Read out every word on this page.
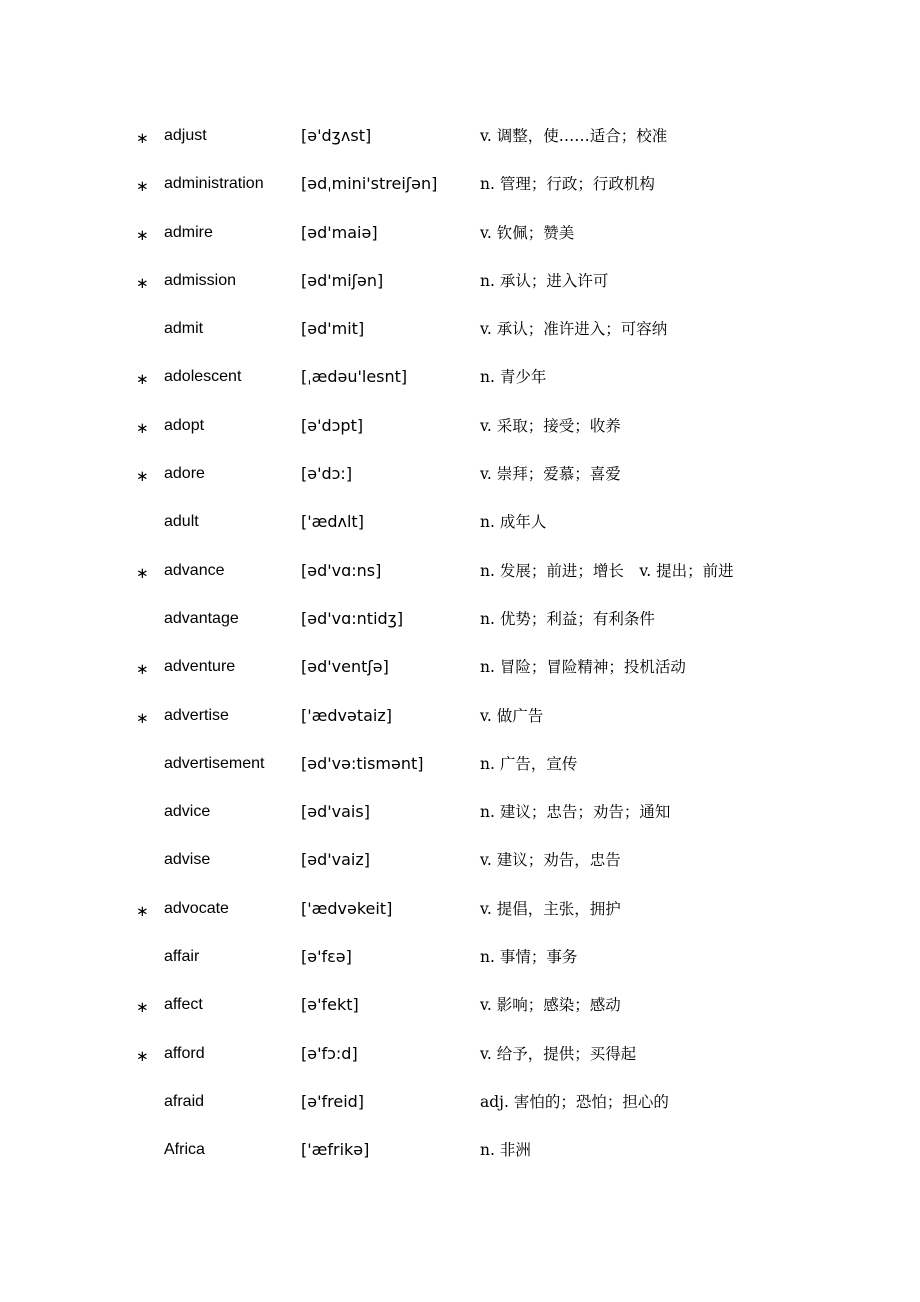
∗ adjust	[ə'dʒʌst]	v. 调整，使……适合；校准
∗ administration [ədˌmini'streiʃən]	n. 管理；行政；行政机构
∗ admire	[əd'maiə]	v. 钦佩；赞美
∗ admission	[əd'miʃən]	n. 承认；进入许可
admit	[əd'mit]	v. 承认；准许进入；可容纳
∗ adolescent	[ˌædəu'lesnt]	n. 青少年
∗ adopt	[ə'dɔpt]	v. 采取；接受；收养
∗ adore	[ə'dɔ:]	v. 崇拜；爱慕；喜爱
adult	['ædʌlt]	n. 成年人
∗ advance	[əd'vɑ:ns]	n. 发展；前进；增长　v. 提出；前进
advantage	[əd'vɑ:ntidʒ]	n. 优势；利益；有利条件
∗ adventure	[əd'ventʃə]	n. 冒险；冒险精神；投机活动
∗ advertise	['ædvətaiz]	v. 做广告
advertisement [əd'və:tismənt]	n. 广告，宣传
advice	[əd'vais]	n. 建议；忠告；劝告；通知
advise	[əd'vaiz]	v. 建议；劝告，忠告
∗ advocate	['ædvəkeit]	v. 提倡，主张，拥护
affair	[ə'fεə]	n. 事情；事务
∗ affect	[ə'fekt]	v. 影响；感染；感动
∗ afford	[ə'fɔ:d]	v. 给予，提供；买得起
afraid	[ə'freid]	adj. 害怕的；恐怕；担心的
Africa	['æfrikə]	n. 非洲
